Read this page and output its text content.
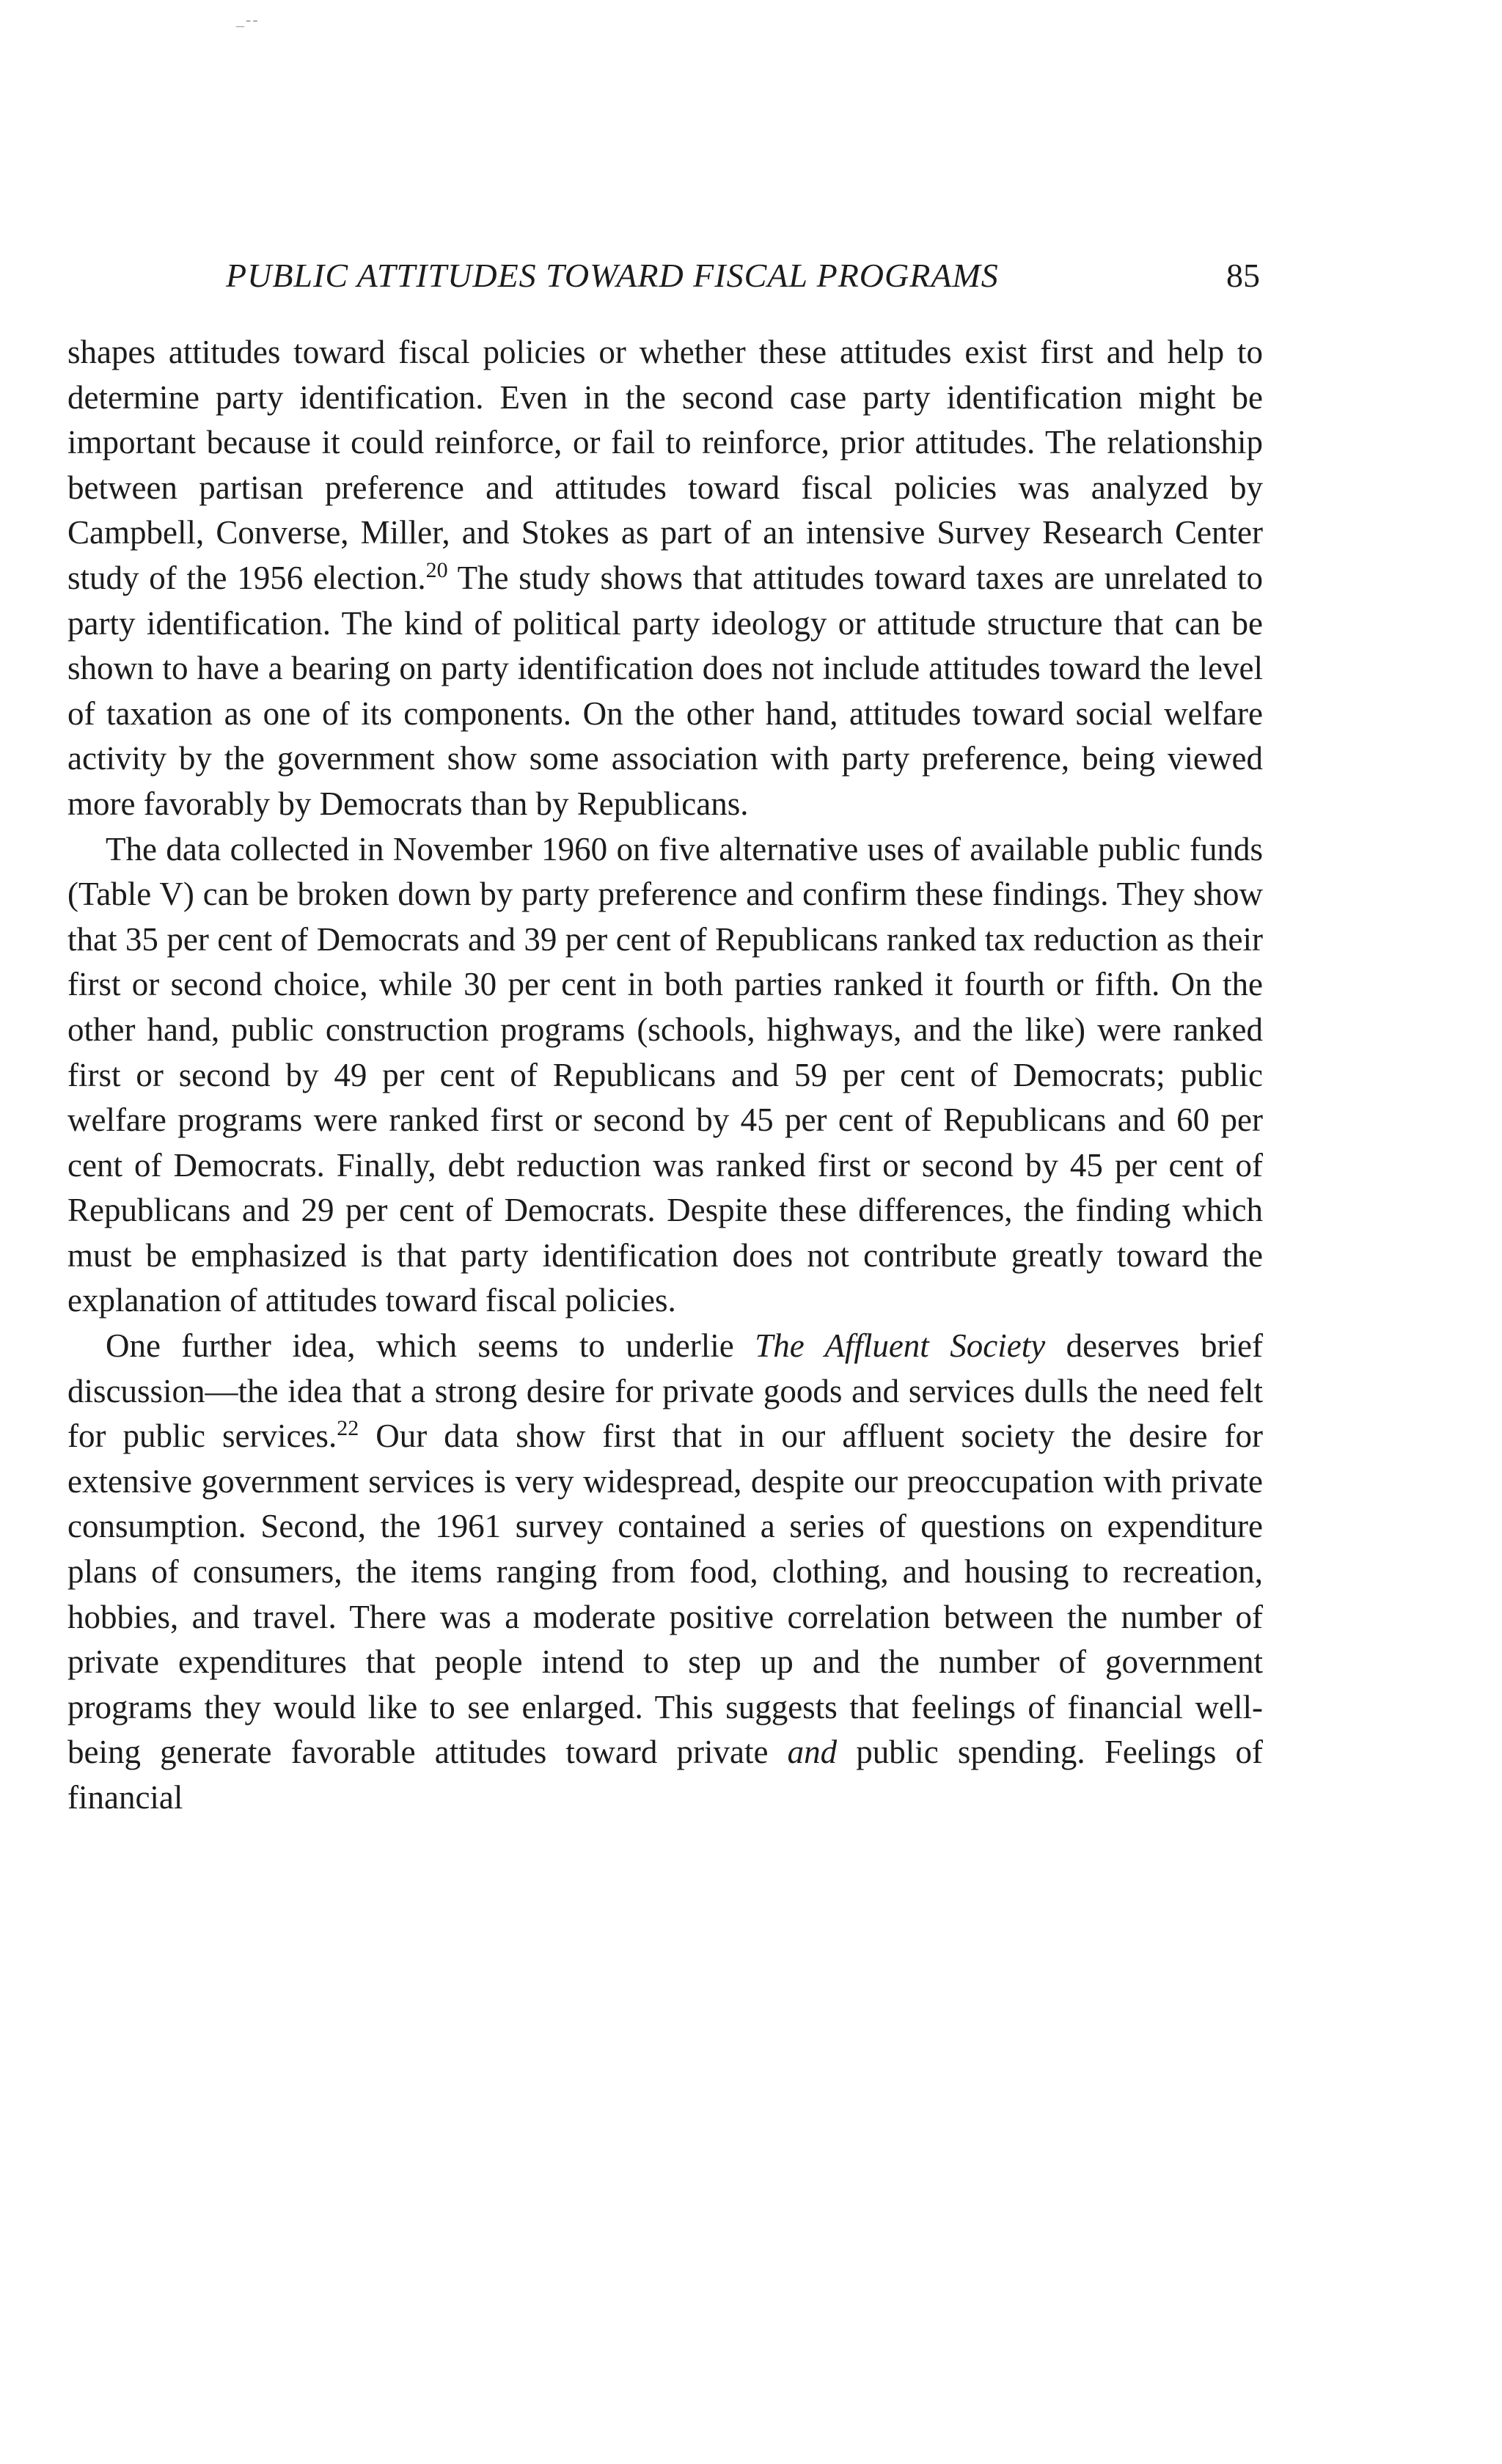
_--
PUBLIC ATTITUDES TOWARD FISCAL PROGRAMS	85

shapes attitudes toward fiscal policies or whether these attitudes exist first and help to determine party identification. Even in the second case party identification might be important because it could reinforce, or fail to reinforce, prior attitudes. The relationship between partisan preference and attitudes toward fiscal policies was analyzed by Campbell, Converse, Miller, and Stokes as part of an intensive Survey Research Center study of the 1956 election.$^{20}$ The study shows that attitudes toward taxes are unrelated to party identification. The kind of political party ideology or attitude structure that can be shown to have a bearing on party identification does not include attitudes toward the level of taxation as one of its components. On the other hand, attitudes toward social welfare activity by the government show some association with party preference, being viewed more favorably by Democrats than by Republicans.

The data collected in November 1960 on five alternative uses of available public funds (Table V) can be broken down by party preference and confirm these findings. They show that 35 per cent of Democrats and 39 per cent of Republicans ranked tax reduction as their first or second choice, while 30 per cent in both parties ranked it fourth or fifth. On the other hand, public construction programs (schools, highways, and the like) were ranked first or second by 49 per cent of Republicans and 59 per cent of Democrats; public welfare programs were ranked first or second by 45 per cent of Republicans and 60 per cent of Democrats. Finally, debt reduction was ranked first or second by 45 per cent of Republicans and 29 per cent of Democrats. Despite these differences, the finding which must be emphasized is that party identification does not contribute greatly toward the explanation of attitudes toward fiscal policies.

One further idea, which seems to underlie The Affluent Society deserves brief discussion—the idea that a strong desire for private goods and services dulls the need felt for public services.$^{22}$ Our data show first that in our affluent society the desire for extensive government services is very widespread, despite our preoccupation with private consumption. Second, the 1961 survey contained a series of questions on expenditure plans of consumers, the items ranging from food, clothing, and housing to recreation, hobbies, and travel. There was a moderate positive correlation between the number of private expenditures that people intend to step up and the number of government programs they would like to see enlarged. This suggests that feelings of financial well-being generate favorable attitudes toward private and public spending. Feelings of financial
